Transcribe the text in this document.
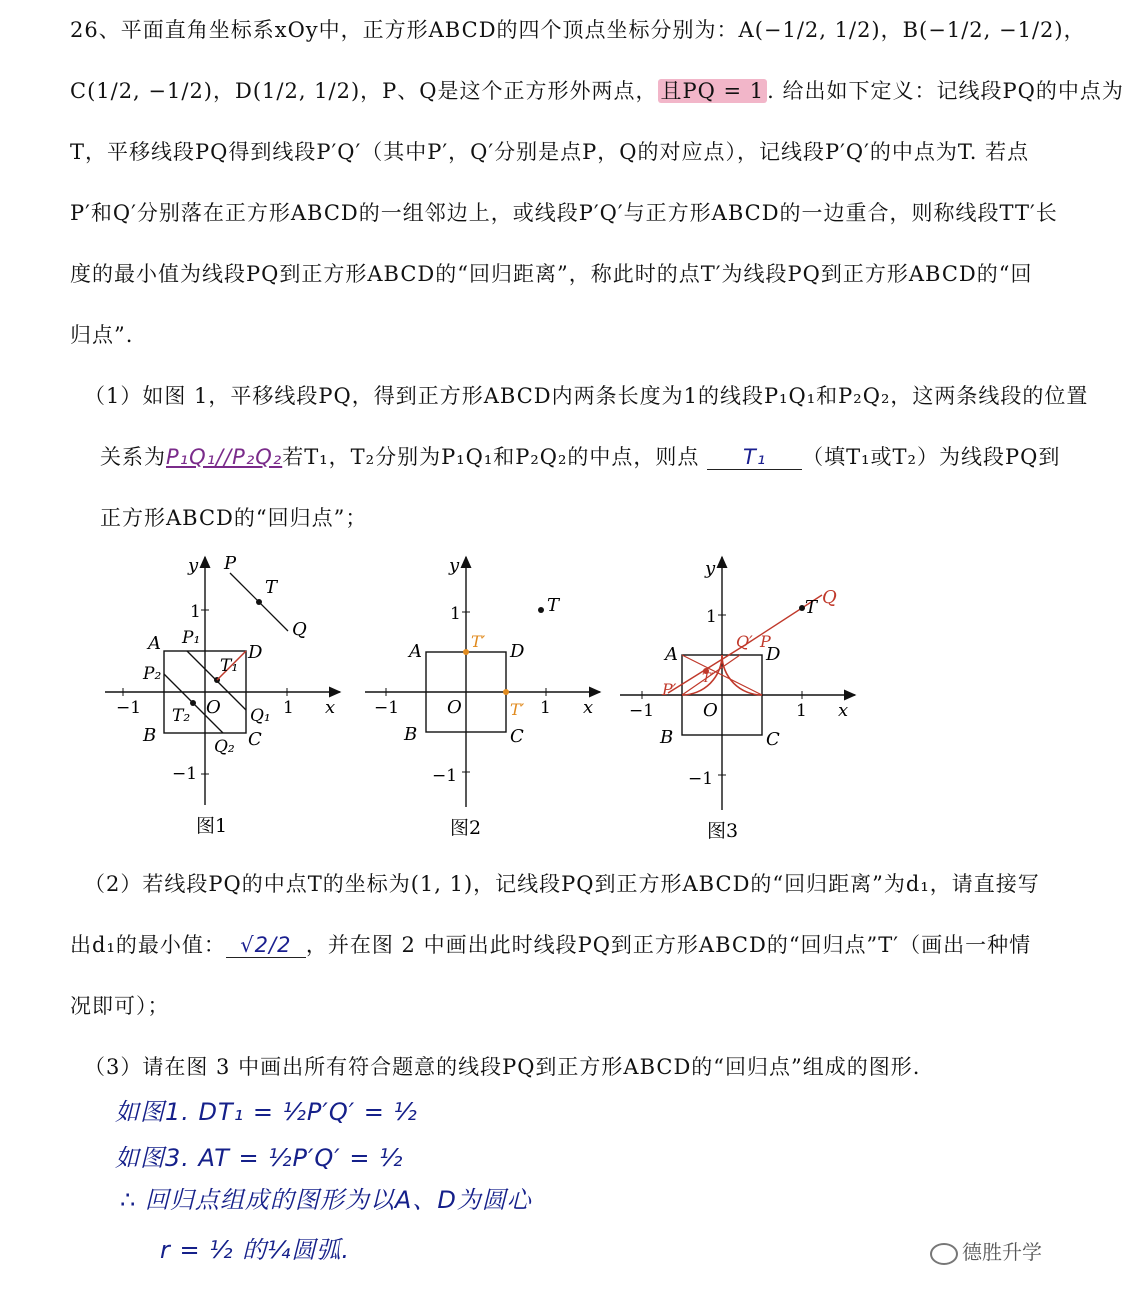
26、平面直角坐标系xOy中，正方形ABCD的四个顶点坐标分别为：A(−1/2, 1/2)，B(−1/2, −1/2)，
C(1/2, −1/2)，D(1/2, 1/2)，P、Q是这个正方形外两点， 且PQ = 1 . 给出如下定义：记线段PQ的中点为
T，平移线段PQ得到线段P′Q′（其中P′，Q′分别是点P，Q的对应点），记线段P′Q′的中点为T. 若点
P′和Q′分别落在正方形ABCD的一组邻边上，或线段P′Q′与正方形ABCD的一边重合，则称线段TT′长
度的最小值为线段PQ到正方形ABCD的“回归距离”，称此时的点T′为线段PQ到正方形ABCD的“回
归点”.
（1）如图 1，平移线段PQ，得到正方形ABCD内两条长度为1的线段P₁Q₁和P₂Q₂，这两条线段的位置
关系为P₁Q₁//P₂Q₂若T₁，T₂分别为P₁Q₁和P₂Q₂的中点，则点 T₁ （填T₁或T₂）为线段PQ到
正方形ABCD的“回归点”；
y
x
O	1
−1
1
−1
A
B	C
D
P
T
Q
P₁
P₂	T₁
T₂	Q₁
Q₂
图1
y
x
O	1
−1
1
−1
A
B	C
D
T
T′
T′
图2
y
x
O	1
−1
1
−1
A
B	C
D
T Q
Q′ P
P′
T′
图3
（2）若线段PQ的中点T的坐标为(1, 1)，记线段PQ到正方形ABCD的“回归距离”为d₁，请直接写
出d₁的最小值： √2/2 ，并在图 2 中画出此时线段PQ到正方形ABCD的“回归点”T′（画出一种情
况即可）；
（3）请在图 3 中画出所有符合题意的线段PQ到正方形ABCD的“回归点”组成的图形.
如图1. DT₁ = ½P′Q′ = ½
如图3. AT = ½P′Q′ = ½
∴ 回归点组成的图形为以A、D为圆心
r = ½ 的¼圆弧.	德胜升学
